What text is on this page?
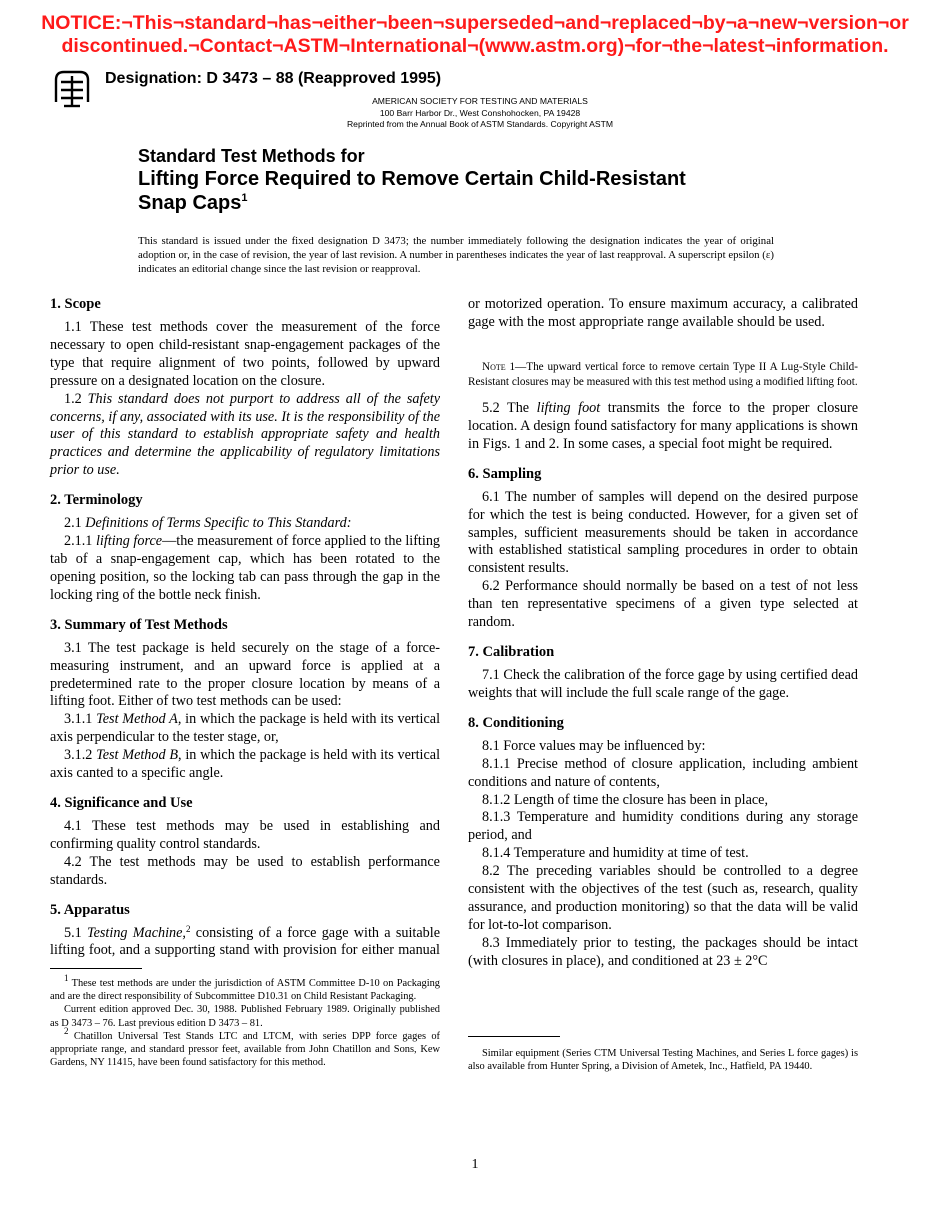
NOTICE:¬This¬standard¬has¬either¬been¬superseded¬and¬replaced¬by¬a¬new¬version¬or
discontinued.¬Contact¬ASTM¬International¬(www.astm.org)¬for¬the¬latest¬information.
Designation: D 3473 – 88 (Reapproved 1995)
AMERICAN SOCIETY FOR TESTING AND MATERIALS
100 Barr Harbor Dr., West Conshohocken, PA 19428
Reprinted from the Annual Book of ASTM Standards. Copyright ASTM
Standard Test Methods for
Lifting Force Required to Remove Certain Child-Resistant
Snap Caps$^1$
This standard is issued under the fixed designation D 3473; the number immediately following the designation indicates the year of original adoption or, in the case of revision, the year of last revision. A number in parentheses indicates the year of last reapproval. A superscript epsilon (ε) indicates an editorial change since the last revision or reapproval.
1. Scope

1.1 These test methods cover the measurement of the force necessary to open child-resistant snap-engagement packages of the type that require alignment of two points, followed by upward pressure on a designated location on the closure.

1.2 This standard does not purport to address all of the safety concerns, if any, associated with its use. It is the responsibility of the user of this standard to establish appropriate safety and health practices and determine the applicability of regulatory limitations prior to use.

2. Terminology

2.1 Definitions of Terms Specific to This Standard:

2.1.1 lifting force—the measurement of force applied to the lifting tab of a snap-engagement cap, which has been rotated to the opening position, so the locking tab can pass through the gap in the locking ring of the bottle neck finish.

3. Summary of Test Methods

3.1 The test package is held securely on the stage of a force-measuring instrument, and an upward force is applied at a predetermined rate to the proper closure location by means of a lifting foot. Either of two test methods can be used:

3.1.1 Test Method A, in which the package is held with its vertical axis perpendicular to the tester stage, or,

3.1.2 Test Method B, in which the package is held with its vertical axis canted to a specific angle.

4. Significance and Use

4.1 These test methods may be used in establishing and confirming quality control standards.

4.2 The test methods may be used to establish performance standards.

5. Apparatus

5.1 Testing Machine,$^2$ consisting of a force gage with a suitable lifting foot, and a supporting stand with provision for either manual

$^1$ These test methods are under the jurisdiction of ASTM Committee D-10 on Packaging and are the direct responsibility of Subcommittee D10.31 on Child Resistant Packaging.

Current edition approved Dec. 30, 1988. Published February 1989. Originally published as D 3473 – 76. Last previous edition D 3473 – 81.

$^2$ Chatillon Universal Test Stands LTC and LTCM, with series DPP force gages of appropriate range, and standard pressor feet, available from John Chatillon and Sons, Kew Gardens, NY 11415, have been found satisfactory for this method.

or motorized operation. To ensure maximum accuracy, a calibrated gage with the most appropriate range available should be used.

Note 1—The upward vertical force to remove certain Type II A Lug-Style Child-Resistant closures may be measured with this test method using a modified lifting foot.

5.2 The lifting foot transmits the force to the proper closure location. A design found satisfactory for many applications is shown in Figs. 1 and 2. In some cases, a special foot might be required.

6. Sampling

6.1 The number of samples will depend on the desired purpose for which the test is being conducted. However, for a given set of samples, sufficient measurements should be taken in accordance with established statistical sampling procedures in order to obtain consistent results.

6.2 Performance should normally be based on a test of not less than ten representative specimens of a given type selected at random.

7. Calibration

7.1 Check the calibration of the force gage by using certified dead weights that will include the full scale range of the gage.

8. Conditioning

8.1 Force values may be influenced by:

8.1.1 Precise method of closure application, including ambient conditions and nature of contents,

8.1.2 Length of time the closure has been in place,

8.1.3 Temperature and humidity conditions during any storage period, and

8.1.4 Temperature and humidity at time of test.

8.2 The preceding variables should be controlled to a degree consistent with the objectives of the test (such as, research, quality assurance, and production monitoring) so that the data will be valid for lot-to-lot comparison.

8.3 Immediately prior to testing, the packages should be intact (with closures in place), and conditioned at 23 ± 2°C

Similar equipment (Series CTM Universal Testing Machines, and Series L force gages) is also available from Hunter Spring, a Division of Ametek, Inc., Hatfield, PA 19440.

1
